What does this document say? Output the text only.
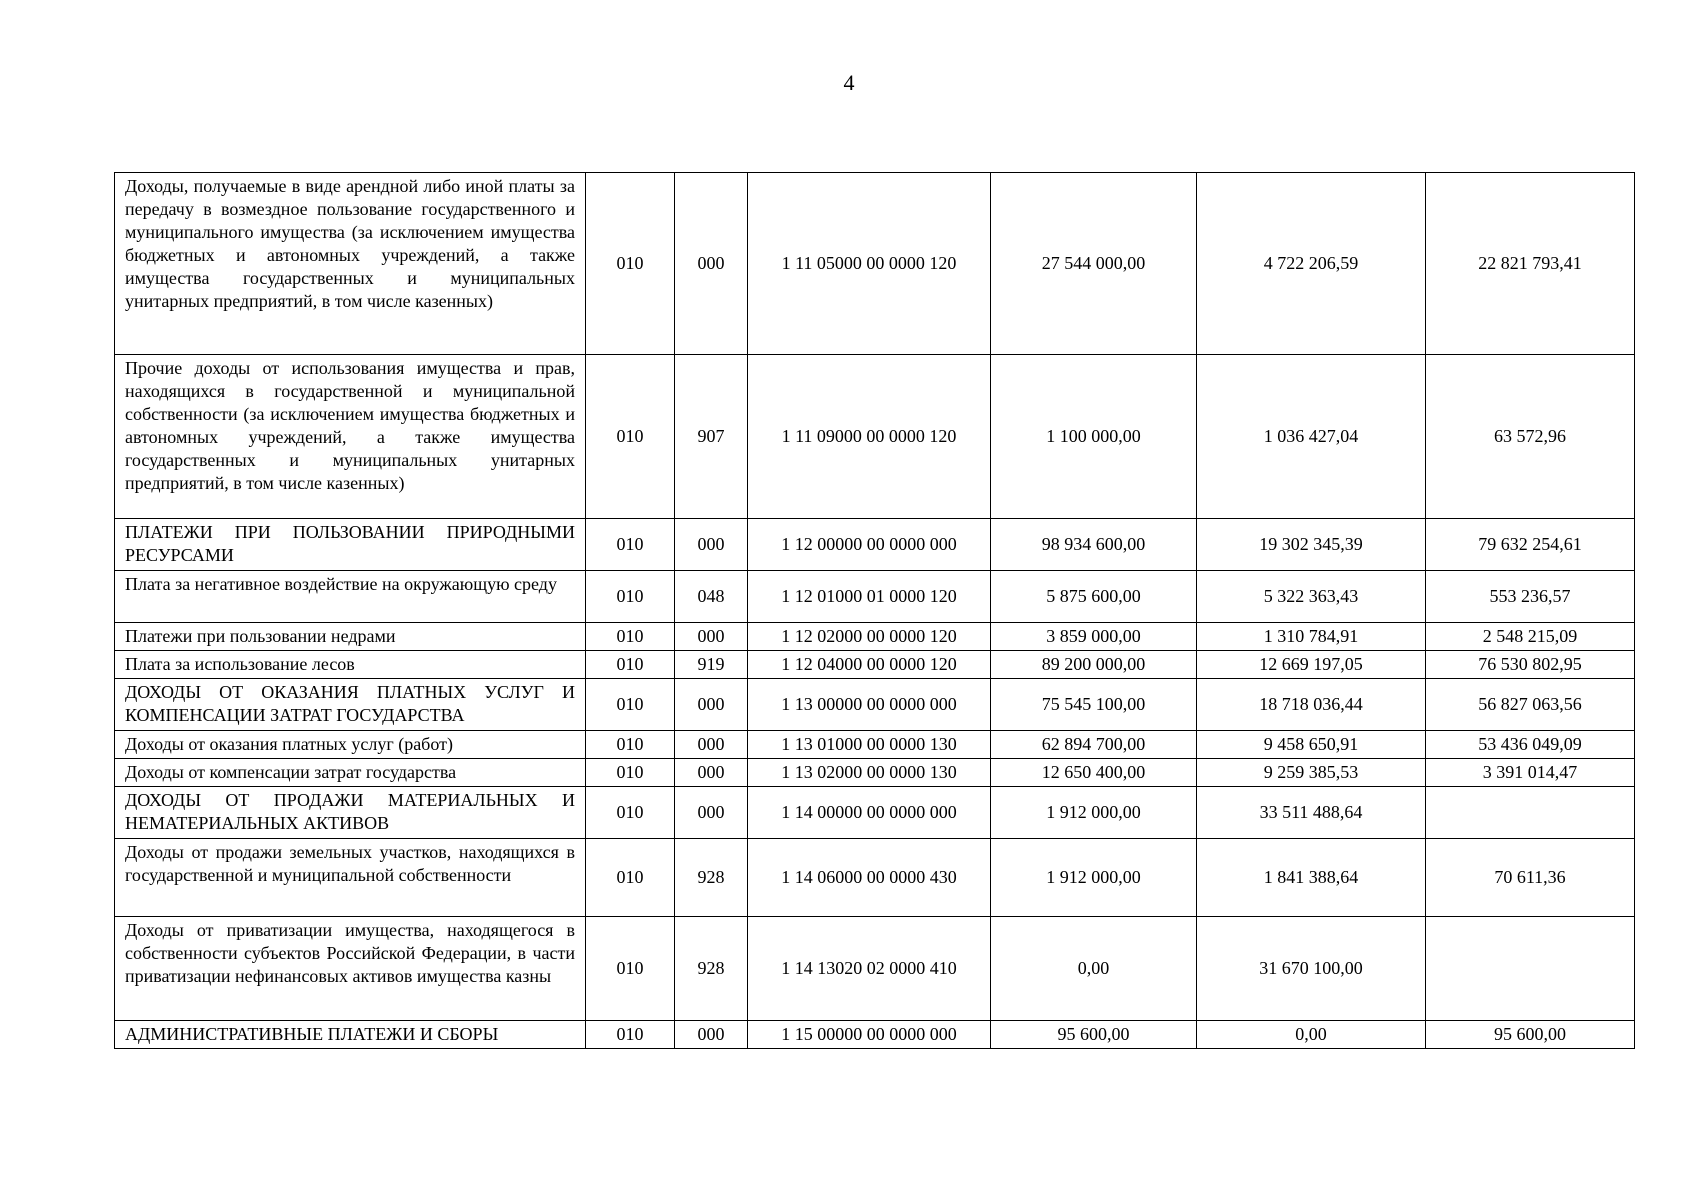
4
Доходы, получаемые в виде арендной либо иной платы за передачу в возмездное пользование государственного и муниципального имущества (за исключением имущества бюджетных и автономных учреждений, а также имущества государственных и муниципальных унитарных предприятий, в том числе казенных)	010	000	1 11 05000 00 0000 120	27 544 000,00	4 722 206,59	22 821 793,41
Прочие доходы от использования имущества и прав, находящихся в государственной и муниципальной собственности (за исключением имущества бюджетных и автономных учреждений, а также имущества государственных и муниципальных унитарных предприятий, в том числе казенных)	010	907	1 11 09000 00 0000 120	1 100 000,00	1 036 427,04	63 572,96
ПЛАТЕЖИ ПРИ ПОЛЬЗОВАНИИ ПРИРОДНЫМИ РЕСУРСАМИ	010	000	1 12 00000 00 0000 000	98 934 600,00	19 302 345,39	79 632 254,61
Плата за негативное воздействие на окружающую среду	010	048	1 12 01000 01 0000 120	5 875 600,00	5 322 363,43	553 236,57
Платежи при пользовании недрами	010	000	1 12 02000 00 0000 120	3 859 000,00	1 310 784,91	2 548 215,09
Плата за использование лесов	010	919	1 12 04000 00 0000 120	89 200 000,00	12 669 197,05	76 530 802,95
ДОХОДЫ ОТ ОКАЗАНИЯ ПЛАТНЫХ УСЛУГ И КОМПЕНСАЦИИ ЗАТРАТ ГОСУДАРСТВА	010	000	1 13 00000 00 0000 000	75 545 100,00	18 718 036,44	56 827 063,56
Доходы от оказания платных услуг (работ)	010	000	1 13 01000 00 0000 130	62 894 700,00	9 458 650,91	53 436 049,09
Доходы от компенсации затрат государства	010	000	1 13 02000 00 0000 130	12 650 400,00	9 259 385,53	3 391 014,47
ДОХОДЫ ОТ ПРОДАЖИ МАТЕРИАЛЬНЫХ И НЕМАТЕРИАЛЬНЫХ АКТИВОВ	010	000	1 14 00000 00 0000 000	1 912 000,00	33 511 488,64	
Доходы от продажи земельных участков, находящихся в государственной и муниципальной собственности	010	928	1 14 06000 00 0000 430	1 912 000,00	1 841 388,64	70 611,36
Доходы от приватизации имущества, находящегося в собственности субъектов Российской Федерации, в части приватизации нефинансовых активов имущества казны	010	928	1 14 13020 02 0000 410	0,00	31 670 100,00	
АДМИНИСТРАТИВНЫЕ ПЛАТЕЖИ И СБОРЫ	010	000	1 15 00000 00 0000 000	95 600,00	0,00	95 600,00
